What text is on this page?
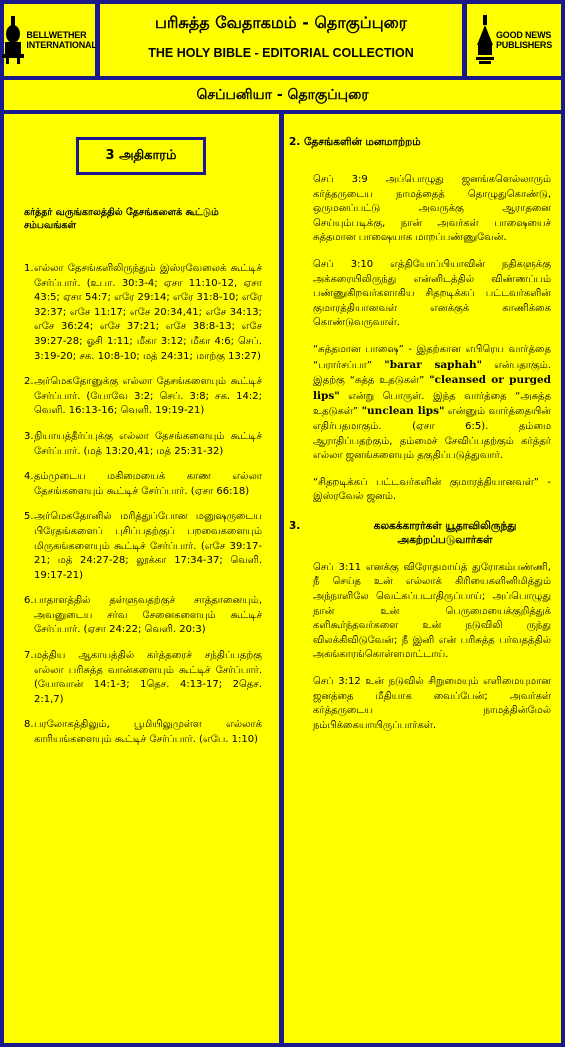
BELLWETHER
INTERNATIONAL
பரிசுத்த வேதாகமம் - தொகுப்புரை
THE HOLY BIBLE - EDITORIAL COLLECTION
GOOD NEWS
PUBLISHERS
செப்பனியா - தொகுப்புரை
3 அதிகாரம்
கர்த்தர் வருங்காலத்தில் தேசங்களைக் கூட்டும் சம்பவங்கள்
1. எல்லா தேசங்களிலிருந்தும் இஸ்ரவேலைக் கூட்டிச் சேர்ப்பார். (உபா. 30:3-4; ஏசா 11:10-12, ஏசா 43:5; ஏசா 54:7; எரே 29:14; எரே 31:8-10; எரே 32:37; எசே 11:17; எசே 20:34,41; எசே 34:13; எசே 36:24; எசே 37:21; எசே 38:8-13; எசே 39:27-28; ஓசி 1:11; மீகா 3:12; மீகா 4:6; செப். 3:19-20; சக. 10:8-10; மத் 24:31; மாற்கு 13:27)
2. அர்மெகதோனுக்கு எல்லா தேசங்களையும் கூட்டிச் சேர்ப்பார். (யோவே 3:2; செப். 3:8; சக. 14:2; வெளி. 16:13-16; வெளி. 19:19-21)
3. நியாயத்தீர்ப்புக்கு எல்லா தேசங்களையும் கூட்டிச் சேர்ப்பார். (மத் 13:20,41; மத் 25:31-32)
4. தம்முடைய மகிமையைக் காண எல்லா தேசங்களையும் கூட்டிச் சேர்ப்பார். (ஏசா 66:18)
5. அர்மெகதோனில் மரித்துப்போன மனுஷருடைய பிரேதங்களைப் புசிப்பதற்குப் பறவைகளையும் மிருகங்களையும் கூட்டிச் சேர்ப்பார். (எசே 39:17-21; மத் 24:27-28; லூக்கா 17:34-37; வெளி. 19:17-21)
6. பாதாளத்தில் தள்ளுவதற்குச் சாத்தானையும், அவனுடைய சர்வ சேனைகளையும் கூட்டிச் சேர்ப்பார். (ஏசா 24:22; வெளி. 20:3)
7. மத்திய ஆகாயத்தில் கர்த்தரைச் சந்திப்பதற்கு எல்லா பரிசுத்த வான்களையும் கூட்டிச் சேர்ப்பார். (யோவான் 14:1-3; 1தெச. 4:13-17; 2தெச. 2:1,7)
8. பரலோகத்திலும், பூமியிலுமுள்ள எல்லாக் காரியங்களையும் கூட்டிச் சேர்ப்பார். (எபே. 1:10)
2. தேசங்களின் மனமாற்றம்

செப் 3:9 அப்பொழுது ஜனங்களெல்லாரும் கர்த்தருடைய நாமத்தைத் தொழுதுகொண்டு, ஒருமனப்பட்டு அவருக்கு ஆராதனை செய்யும்படிக்கு, நான் அவர்கள் பாஷையைச் சுத்தமான பாஷையாக மாறப்பண்ணுவேன்.

செப் 3:10 எத்தியோப்பியாவின் நதிகளுக்கு அக்கரையிலிருந்து என்னிடத்தில் விண்ணப்பம் பண்ணுகிறவர்களாகிய சிதறடிக்கப் பட்டவர்களின் குமாரத்தியானவள் எனக்குக் காணிக்கை கொண்டுவருவாள்.

“சுத்தமான பாஷை” - இதற்கான எபிரெய வார்த்தை “பரார்சப்பா” "barar saphah" என்பதாகும். இதற்கு “சுத்த உதடுகள்” "cleansed or purged lips" என்று பொருள். இந்த வார்த்தை “அசுத்த உதடுகள்” "unclean lips" என்னும் வார்த்தையின் எதிர்பதமாகும். (ஏசா 6:5). தம்மை ஆராதிப்பதற்கும், தம்மைச் சேவிப்பதற்கும் கர்த்தர் எல்லா ஜனங்களையும் தகுதிப்படுத்துவார்.

“சிதறடிக்கப் பட்டவர்களின் குமாரத்தியானவள்” - இஸ்ரவேல் ஜனம்.

3.	கலகக்காரர்கள் யூதாவிலிருந்து அகற்றப்படுவார்கள்

செப் 3:11 எனக்கு விரோதமாய்த் துரோகம்பண்ணி, நீ செய்த உன் எல்லாக் கிரியைகளினிமித்தும் அந்நாளிலே வெட்கப்படாதிருப்பாய்; அப்பொழுது நான் உன் பெருமையைக்குறித்துக் களிகூர்ந்தவர்களை உன் நடுவிலி ருந்து விலக்கிவிடுவேன்; நீ இனி என் பரிசுத்த பர்வதத்தில் அகங்காரங்கொள்ளமாட்டாய்.

செப் 3:12 உன் நடுவில் சிறுமையும் எளிமையுமான ஜனத்தை மீதியாக வைப்பேன்; அவர்கள் கர்த்தருடைய நாமத்தின்மேல் நம்பிக்கையாயிருப்பார்கள்.
